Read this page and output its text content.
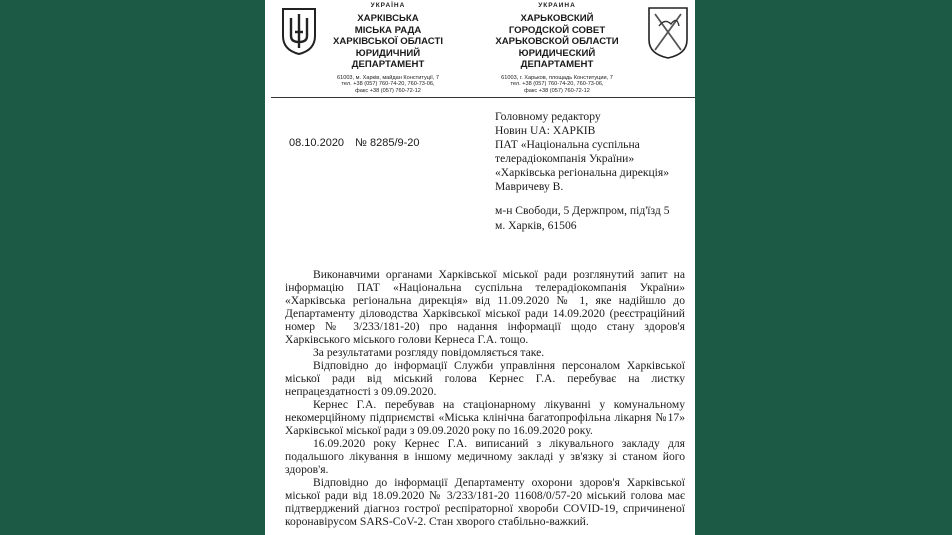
УКРАЇНА
ХАРКІВСЬКА
МІСЬКА РАДА
ХАРКІВСЬКОЇ ОБЛАСТІ
ЮРИДИЧНИЙ
ДЕПАРТАМЕНТ
61003, м. Харків, майдан Конституції, 7
тел. +38 (057) 760-74-20, 760-73-06,
факс +38 (057) 760-72-12
УКРАИНА
ХАРЬКОВСКИЙ
ГОРОДСКОЙ СОВЕТ
ХАРЬКОВСКОЙ ОБЛАСТИ
ЮРИДИЧЕСКИЙ
ДЕПАРТАМЕНТ
61003, г. Харьков, площадь Конституции, 7
тел. +38 (057) 760-74-20, 760-73-06,
факс +38 (057) 760-72-12
08.10.2020 № 8285/9-20
Головному редактору
Новин UA: ХАРКІВ
ПАТ «Національна суспільна
телерадіокомпанія України»
«Харківська регіональна дирекція»
Мавричеву В.
м-н Свободи, 5 Держпром, під'їзд 5
м. Харків, 61506

Виконавчими органами Харківської міської ради розглянутий запит на інформацію ПАТ «Національна суспільна телерадіокомпанія України» «Харківська регіональна дирекція» від 11.09.2020 № 1, яке надійшло до Департаменту діловодства Харківської міської ради 14.09.2020 (реєстраційний номер № 3/233/181-20) про надання інформації щодо стану здоров'я Харківського міського голови Кернеса Г.А. тощо.

За результатами розгляду повідомляється таке.

Відповідно до інформації Служби управління персоналом Харківської міської ради від міський голова Кернес Г.А. перебуває на листку непрацездатності з 09.09.2020.

Кернес Г.А. перебував на стаціонарному лікуванні у комунальному некомерційному підприємстві «Міська клінічна багатопрофільна лікарня №17» Харківської міської ради з 09.09.2020 року по 16.09.2020 року.

16.09.2020 року Кернес Г.А. виписаний з лікувального закладу для подальшого лікування в іншому медичному закладі у зв'язку зі станом його здоров'я.

Відповідно до інформації Департаменту охорони здоров'я Харківської міської ради від 18.09.2020 № 3/233/181-20 11608/0/57-20 міський голова має підтверджений діагноз гострої респіраторної хвороби COVID-19, спричиненої коронавірусом SARS-CoV-2. Стан хворого стабільно-важкий.
